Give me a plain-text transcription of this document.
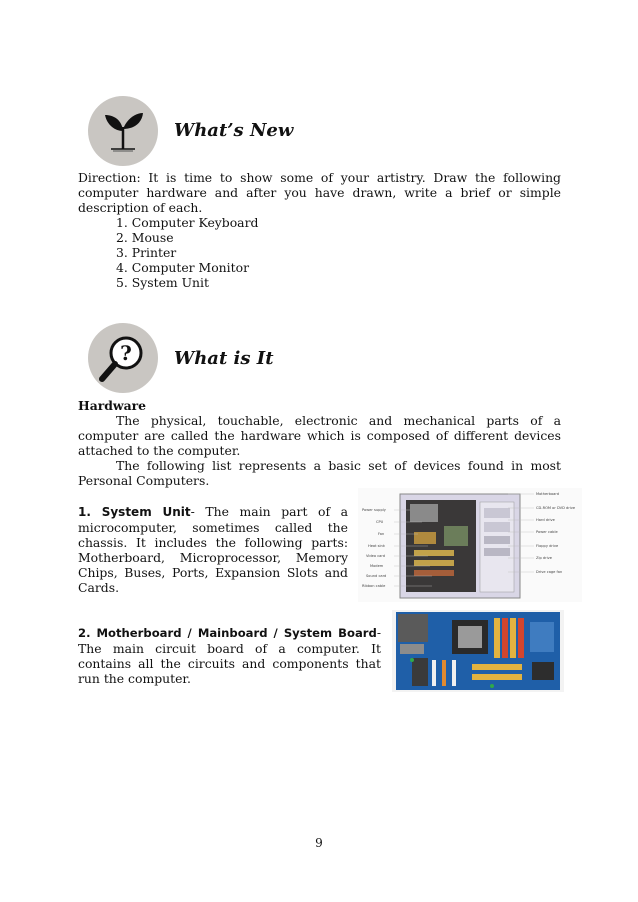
What’s New
Direction: It is time to show some of your artistry. Draw the following computer hardware and after you have drawn, write a brief or simple description of each.
1. Computer Keyboard
2. Mouse
3. Printer
4. Computer Monitor
5. System Unit
? What is It
Hardware
The physical, touchable, electronic and mechanical parts of a computer are called the hardware which is composed of different devices attached to the computer.
The following list represents a basic set of devices found in most Personal Computers.
1. System Unit- The main part of a microcomputer, sometimes called the chassis. It includes the following parts: Motherboard, Microprocessor, Memory Chips, Buses, Ports, Expansion Slots and Cards.
Power supply
CPU
Fan
Heat sink
Video card
Modem
Sound card
Ribbon cable
Motherboard
CD-ROM or DVD drive
Hard drive
Power cable
Floppy drive
Zip drive
Drive cage fan
2. Motherboard / Mainboard / System Board- The main circuit board of a computer. It contains all the circuits and components that run the computer.
9
